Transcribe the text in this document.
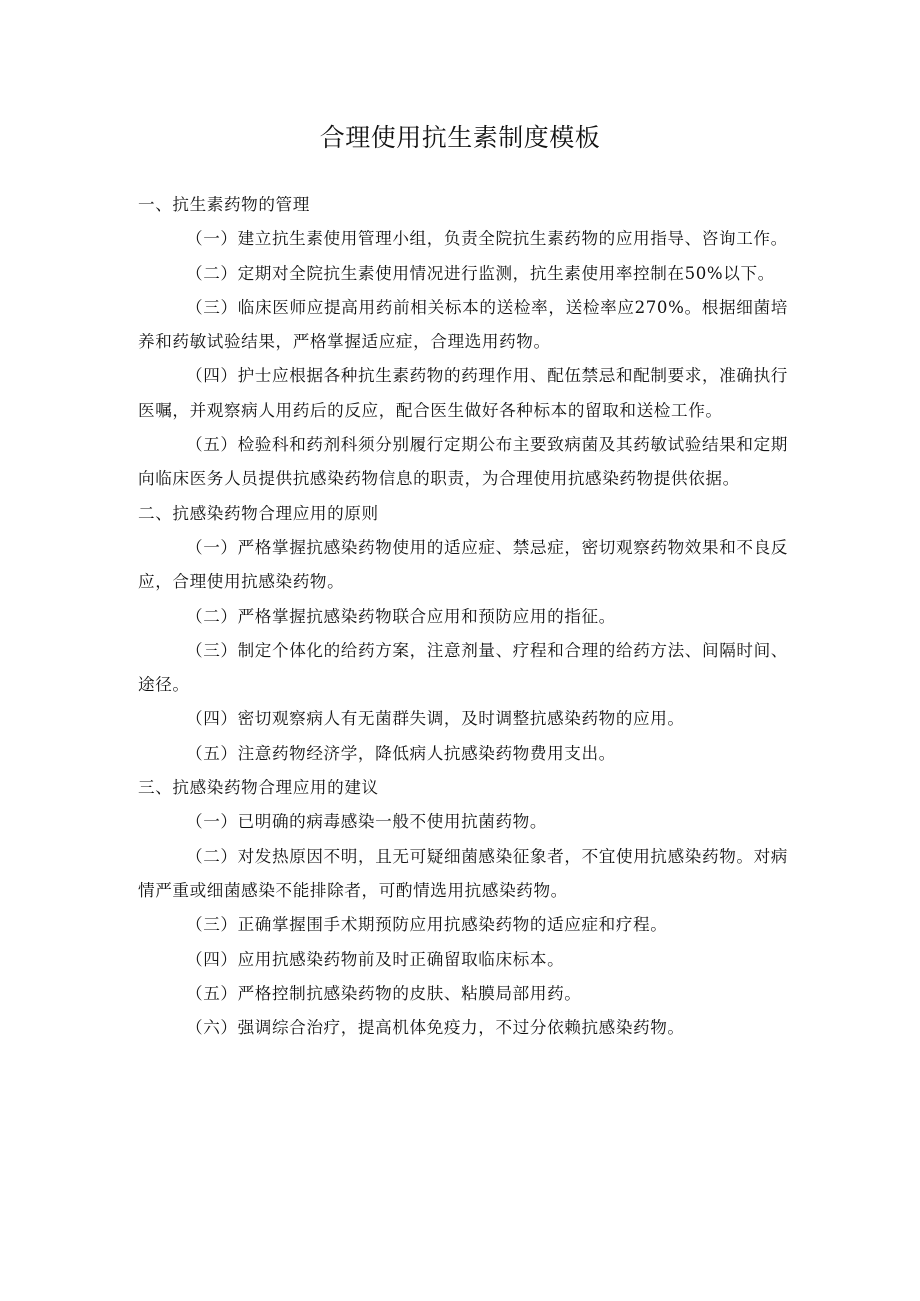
合理使用抗生素制度模板

一、抗生素药物的管理

（一）建立抗生素使用管理小组，负责全院抗生素药物的应用指导、咨询工作。

（二）定期对全院抗生素使用情况进行监测，抗生素使用率控制在50%以下。

（三）临床医师应提高用药前相关标本的送检率，送检率应270%。根据细菌培养和药敏试验结果，严格掌握适应症，合理选用药物。

（四）护士应根据各种抗生素药物的药理作用、配伍禁忌和配制要求，准确执行医嘱，并观察病人用药后的反应，配合医生做好各种标本的留取和送检工作。

（五）检验科和药剂科须分别履行定期公布主要致病菌及其药敏试验结果和定期向临床医务人员提供抗感染药物信息的职责，为合理使用抗感染药物提供依据。

二、抗感染药物合理应用的原则

（一）严格掌握抗感染药物使用的适应症、禁忌症，密切观察药物效果和不良反应，合理使用抗感染药物。

（二）严格掌握抗感染药物联合应用和预防应用的指征。

（三）制定个体化的给药方案，注意剂量、疗程和合理的给药方法、间隔时间、途径。

（四）密切观察病人有无菌群失调，及时调整抗感染药物的应用。

（五）注意药物经济学，降低病人抗感染药物费用支出。

三、抗感染药物合理应用的建议

（一）已明确的病毒感染一般不使用抗菌药物。

（二）对发热原因不明，且无可疑细菌感染征象者，不宜使用抗感染药物。对病情严重或细菌感染不能排除者，可酌情选用抗感染药物。

（三）正确掌握围手术期预防应用抗感染药物的适应症和疗程。

（四）应用抗感染药物前及时正确留取临床标本。

（五）严格控制抗感染药物的皮肤、粘膜局部用药。

（六）强调综合治疗，提高机体免疫力，不过分依赖抗感染药物。
